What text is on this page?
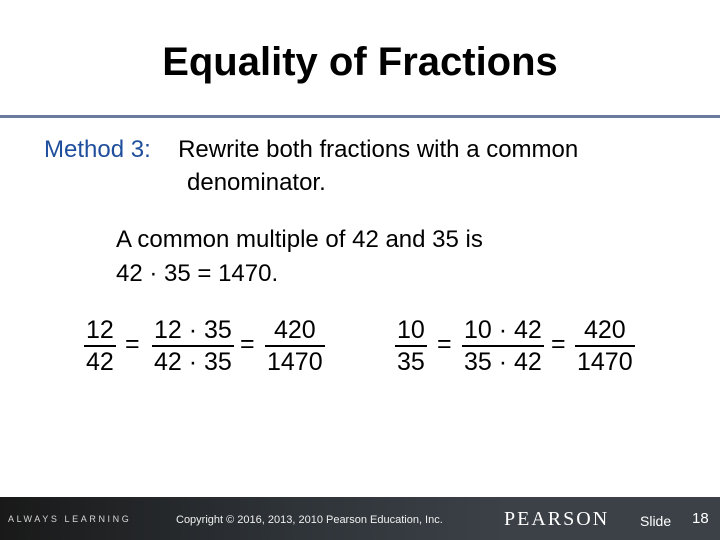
Equality of Fractions
Method 3: Rewrite both fractions with a common
denominator.
A common multiple of 42 and 35 is
42 · 35 = 1470.
12
42
= 12 · 35
42 · 35
= 420
1470
10
35
= 10 · 42
35 · 42
= 420
1470
ALWAYS LEARNING	Copyright © 2016, 2013, 2010 Pearson Education, Inc.	PEARSON Slide 18
